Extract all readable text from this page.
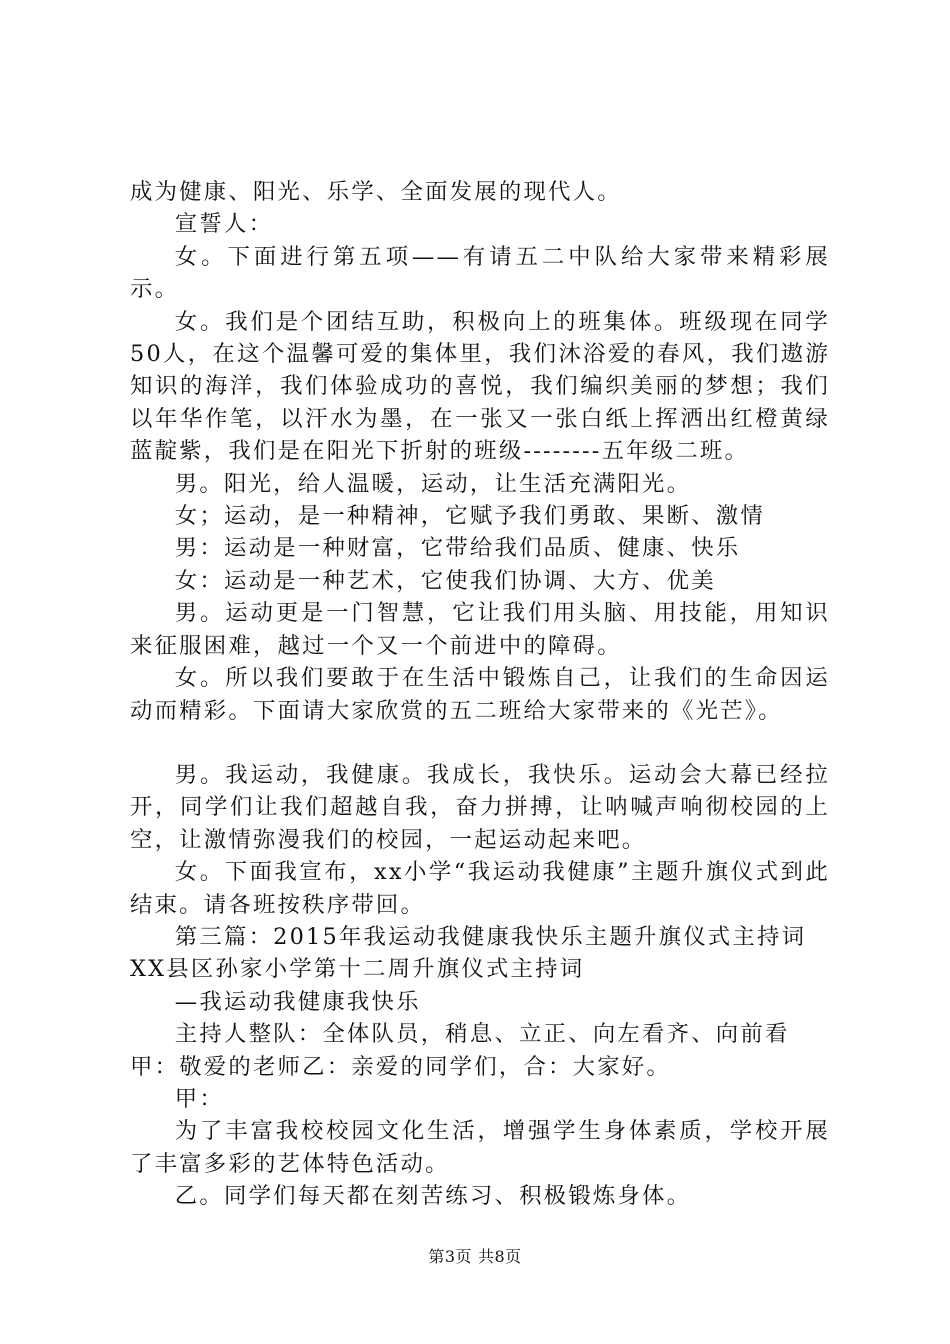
成为健康、阳光、乐学、全面发展的现代人。

宣誓人：

女。下面进行第五项——有请五二中队给大家带来精彩展示。

女。我们是个团结互助，积极向上的班集体。班级现在同学50人，在这个温馨可爱的集体里，我们沐浴爱的春风，我们遨游知识的海洋，我们体验成功的喜悦，我们编织美丽的梦想；我们以年华作笔，以汗水为墨，在一张又一张白纸上挥洒出红橙黄绿蓝靛紫，我们是在阳光下折射的班级--------五年级二班。

男。阳光，给人温暖，运动，让生活充满阳光。

女；运动，是一种精神，它赋予我们勇敢、果断、激情

男：运动是一种财富，它带给我们品质、健康、快乐

女：运动是一种艺术，它使我们协调、大方、优美

男。运动更是一门智慧，它让我们用头脑、用技能，用知识来征服困难，越过一个又一个前进中的障碍。

女。所以我们要敢于在生活中锻炼自己，让我们的生命因运动而精彩。下面请大家欣赏的五二班给大家带来的《光芒》。

男。我运动，我健康。我成长，我快乐。运动会大幕已经拉开，同学们让我们超越自我，奋力拼搏，让呐喊声响彻校园的上空，让激情弥漫我们的校园，一起运动起来吧。

女。下面我宣布，xx小学“我运动我健康”主题升旗仪式到此结束。请各班按秩序带回。

第三篇：2015年我运动我健康我快乐主题升旗仪式主持词

XX县区孙家小学第十二周升旗仪式主持词

—我运动我健康我快乐

主持人整队：全体队员，稍息、立正、向左看齐、向前看

甲：敬爱的老师乙：亲爱的同学们，合：大家好。

甲：

为了丰富我校校园文化生活，增强学生身体素质，学校开展了丰富多彩的艺体特色活动。

乙。同学们每天都在刻苦练习、积极锻炼身体。

第3页 共8页
